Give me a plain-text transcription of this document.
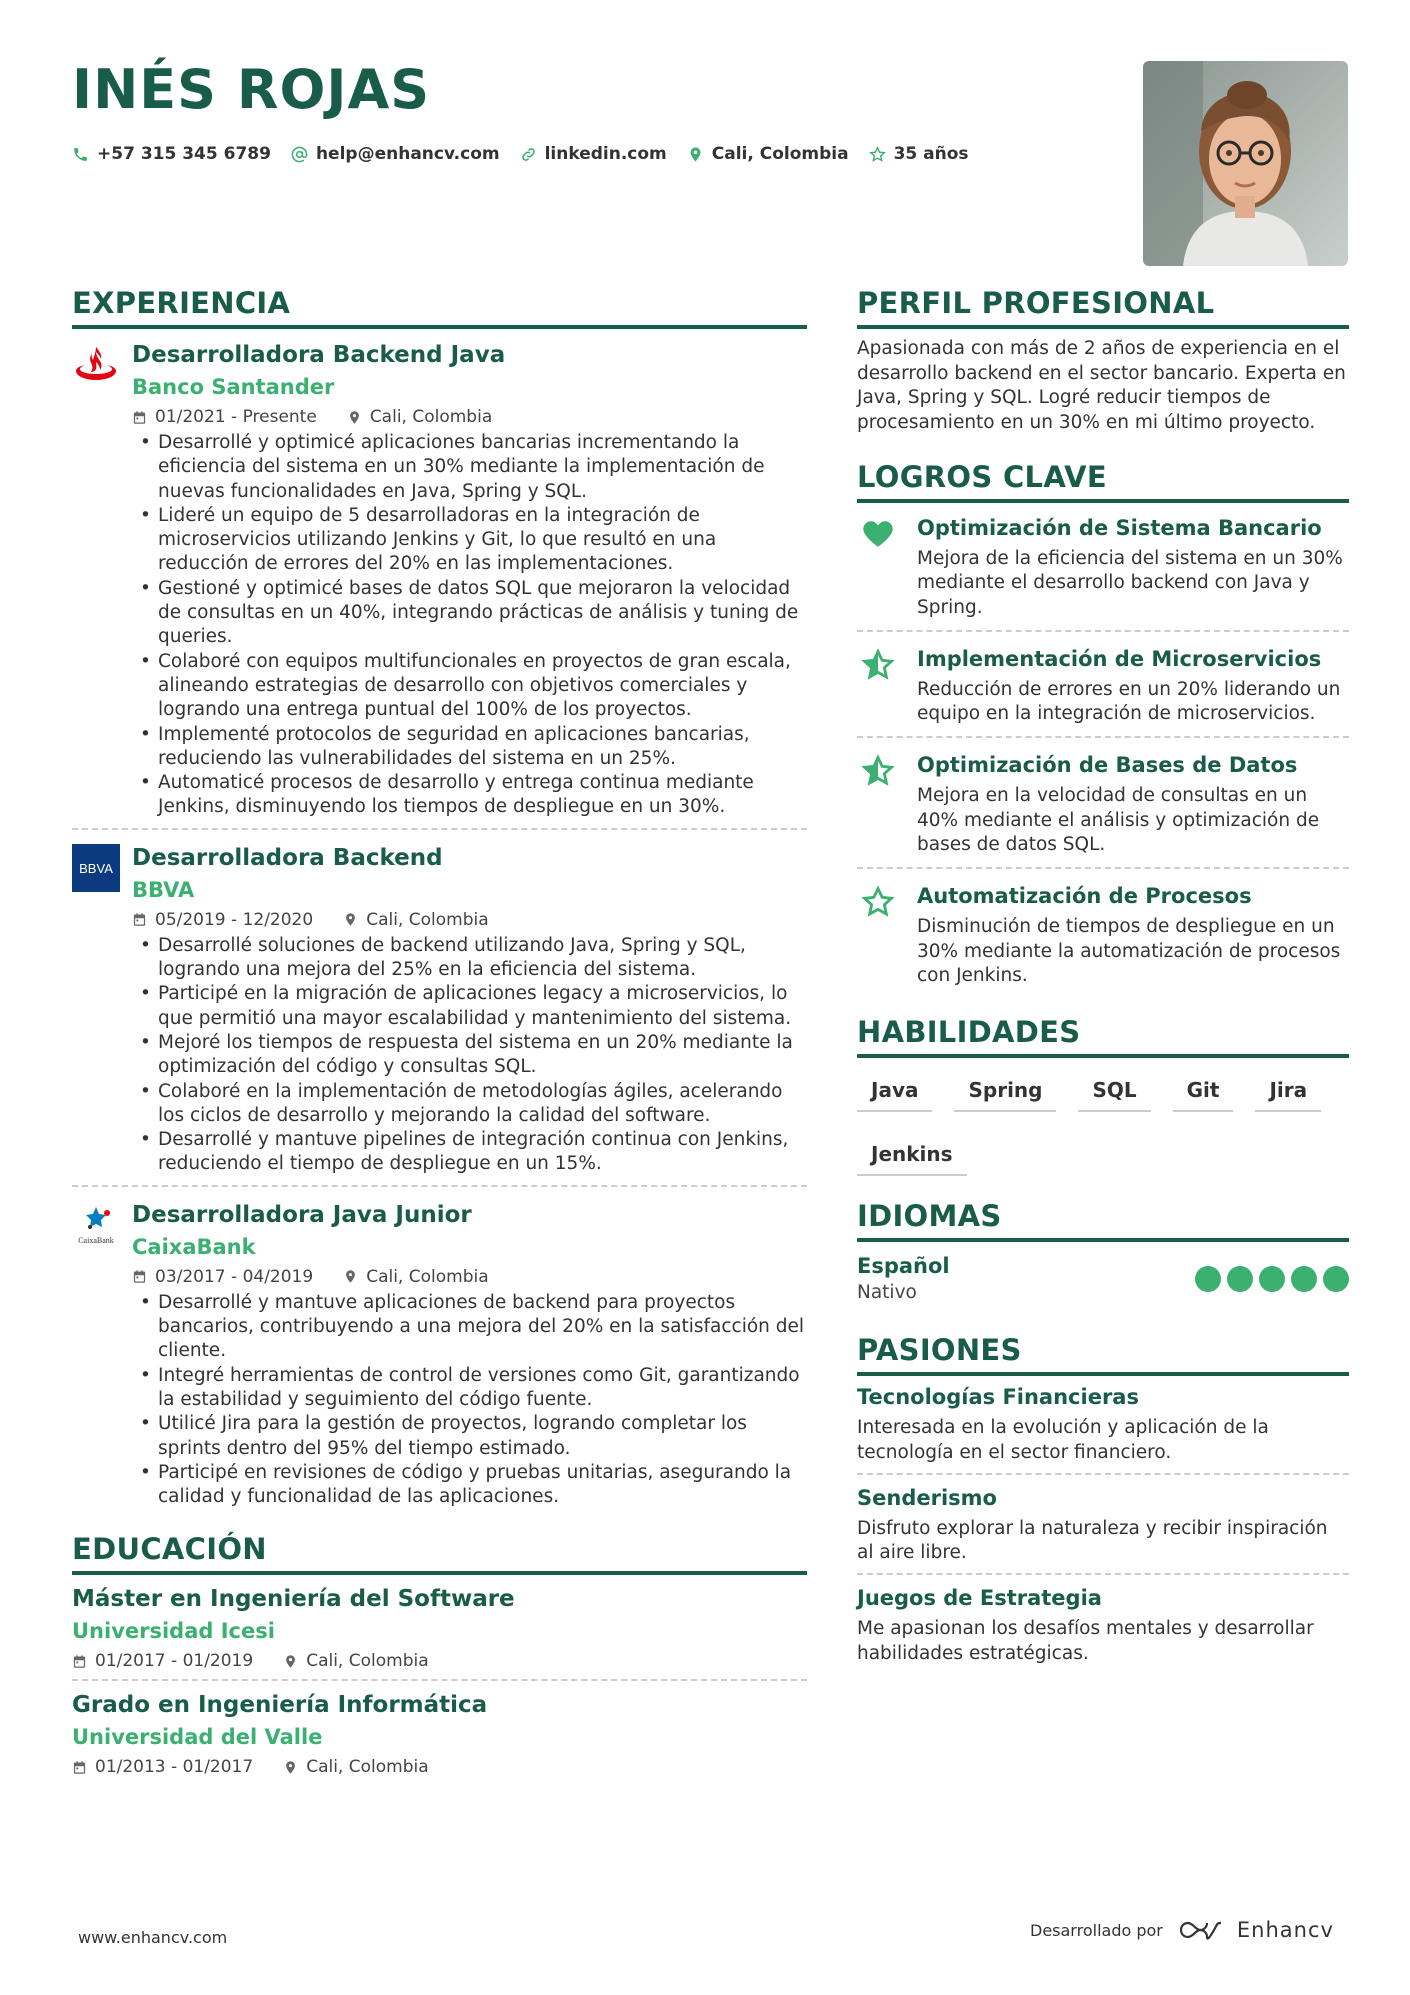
INÉS ROJAS
+57 315 345 6789	help@enhancv.com	linkedin.com	Cali, Colombia	35 años
EXPERIENCIA
Desarrolladora Backend Java
Banco Santander
01/2021 - Presente	Cali, Colombia
• Desarrollé y optimicé aplicaciones bancarias incrementando la eficiencia del sistema en un 30% mediante la implementación de nuevas funcionalidades en Java, Spring y SQL.
• Lideré un equipo de 5 desarrolladoras en la integración de microservicios utilizando Jenkins y Git, lo que resultó en una reducción de errores del 20% en las implementaciones.
• Gestioné y optimicé bases de datos SQL que mejoraron la velocidad de consultas en un 40%, integrando prácticas de análisis y tuning de queries.
• Colaboré con equipos multifuncionales en proyectos de gran escala, alineando estrategias de desarrollo con objetivos comerciales y logrando una entrega puntual del 100% de los proyectos.
• Implementé protocolos de seguridad en aplicaciones bancarias, reduciendo las vulnerabilidades del sistema en un 25%.
• Automaticé procesos de desarrollo y entrega continua mediante Jenkins, disminuyendo los tiempos de despliegue en un 30%.
BBVA Desarrolladora Backend
BBVA
05/2019 - 12/2020	Cali, Colombia
• Desarrollé soluciones de backend utilizando Java, Spring y SQL, logrando una mejora del 25% en la eficiencia del sistema.
• Participé en la migración de aplicaciones legacy a microservicios, lo que permitió una mayor escalabilidad y mantenimiento del sistema.
• Mejoré los tiempos de respuesta del sistema en un 20% mediante la optimización del código y consultas SQL.
• Colaboré en la implementación de metodologías ágiles, acelerando los ciclos de desarrollo y mejorando la calidad del software.
• Desarrollé y mantuve pipelines de integración continua con Jenkins, reduciendo el tiempo de despliegue en un 15%.
CaixaBank
Desarrolladora Java Junior
CaixaBank
03/2017 - 04/2019	Cali, Colombia
• Desarrollé y mantuve aplicaciones de backend para proyectos bancarios, contribuyendo a una mejora del 20% en la satisfacción del cliente.
• Integré herramientas de control de versiones como Git, garantizando la estabilidad y seguimiento del código fuente.
• Utilicé Jira para la gestión de proyectos, logrando completar los sprints dentro del 95% del tiempo estimado.
• Participé en revisiones de código y pruebas unitarias, asegurando la calidad y funcionalidad de las aplicaciones.
EDUCACIÓN
Máster en Ingeniería del Software
Universidad Icesi
01/2017 - 01/2019	Cali, Colombia
Grado en Ingeniería Informática
Universidad del Valle
01/2013 - 01/2017	Cali, Colombia
PERFIL PROFESIONAL
Apasionada con más de 2 años de experiencia en el desarrollo backend en el sector bancario. Experta en Java, Spring y SQL. Logré reducir tiempos de procesamiento en un 30% en mi último proyecto.
LOGROS CLAVE
Optimización de Sistema Bancario
Mejora de la eficiencia del sistema en un 30% mediante el desarrollo backend con Java y Spring.
Implementación de Microservicios
Reducción de errores en un 20% liderando un equipo en la integración de microservicios.
Optimización de Bases de Datos
Mejora en la velocidad de consultas en un 40% mediante el análisis y optimización de bases de datos SQL.
Automatización de Procesos
Disminución de tiempos de despliegue en un 30% mediante la automatización de procesos con Jenkins.
HABILIDADES
Java	Spring	SQL	Git	Jira
Jenkins
IDIOMAS
Español
Nativo
PASIONES
Tecnologías Financieras
Interesada en la evolución y aplicación de la tecnología en el sector financiero.
Senderismo
Disfruto explorar la naturaleza y recibir inspiración al aire libre.
Juegos de Estrategia
Me apasionan los desafíos mentales y desarrollar habilidades estratégicas.
www.enhancv.com	Desarrollado por	Enhancv
